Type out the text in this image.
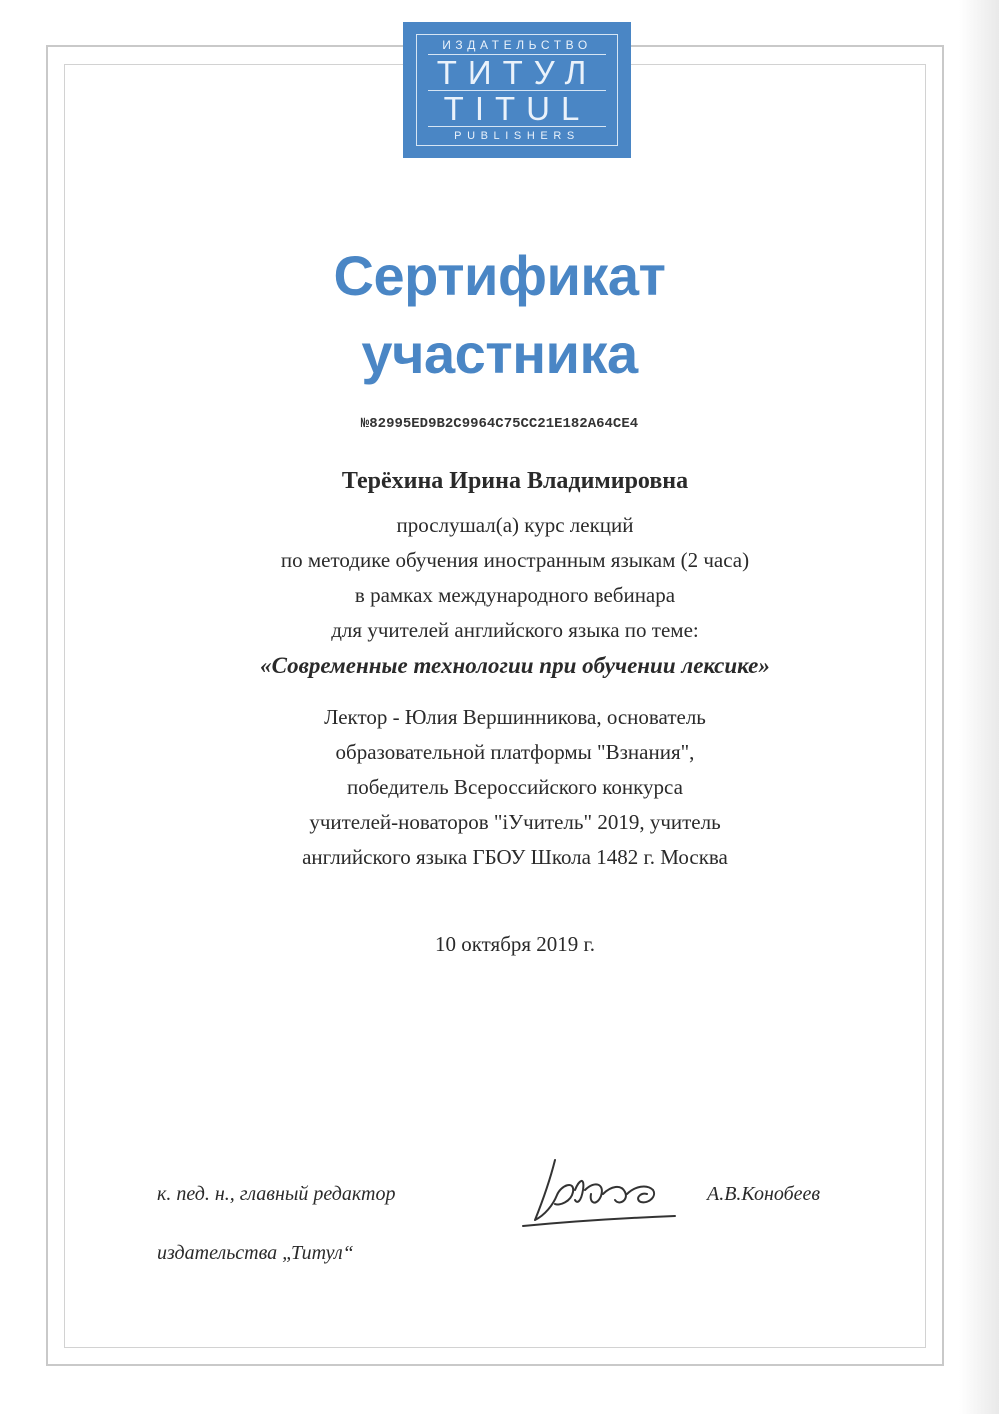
ИЗДАТЕЛЬСТВО
ТИТУЛ
TITUL
PUBLISHERS
Сертификат
участника
№82995ED9B2C9964C75CC21E182A64CE4
Терёхина Ирина Владимировна
прослушал(а) курс лекций
по методике обучения иностранным языкам (2 часа)
в рамках международного вебинара
для учителей английского языка по теме:
«Современные технологии при обучении лексике»
Лектор - Юлия Вершинникова, основатель
образовательной платформы "Взнания",
победитель Всероссийского конкурса
учителей-новаторов "iУчитель" 2019, учитель
английского языка ГБОУ Школа 1482 г. Москва
10 октября 2019 г.
к. пед. н., главный редактор
издательства „Титул“
А.В.Конобеев
